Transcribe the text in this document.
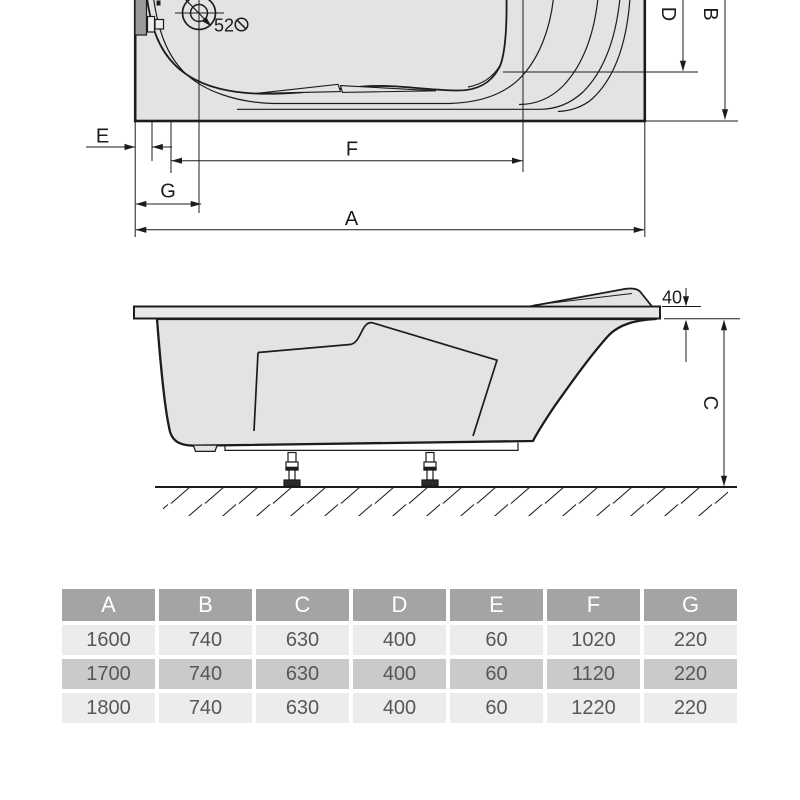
52
E
F
G
A
D B
40
C
A	B	C	D	E	F	G
1600	740	630	400	60	1020	220
1700	740	630	400	60	1120	220
1800	740	630	400	60	1220	220
